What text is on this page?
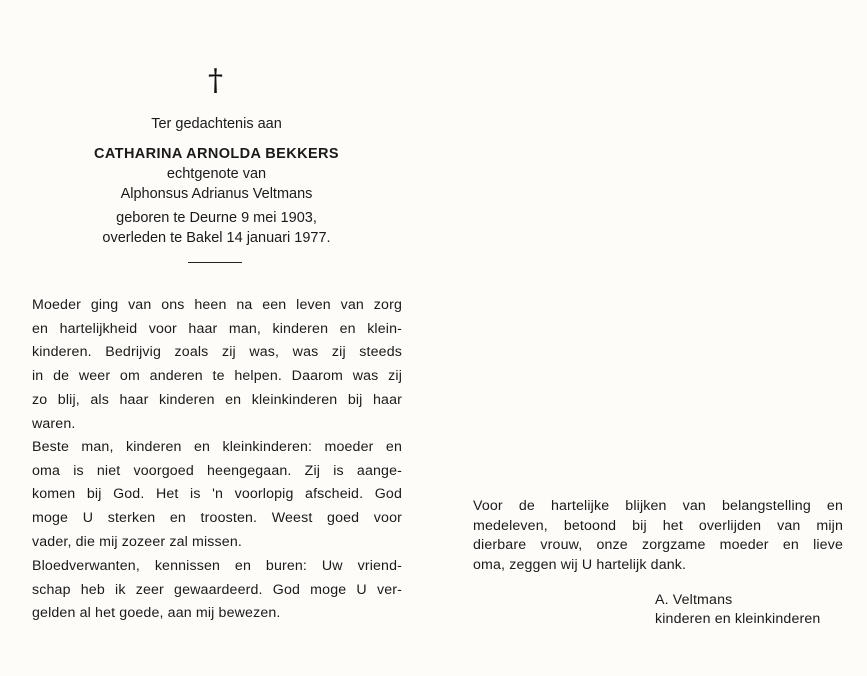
†
Ter gedachtenis aan
CATHARINA ARNOLDA BEKKERS
echtgenote van
Alphonsus Adrianus Veltmans
geboren te Deurne 9 mei 1903,
overleden te Bakel 14 januari 1977.
Moeder ging van ons heen na een leven van zorg
en hartelijkheid voor haar man, kinderen en klein-
kinderen. Bedrijvig zoals zij was, was zij steeds
in de weer om anderen te helpen. Daarom was zij
zo blij, als haar kinderen en kleinkinderen bij haar
waren.
Beste man, kinderen en kleinkinderen: moeder en
oma is niet voorgoed heengegaan. Zij is aange-
komen bij God. Het is 'n voorlopig afscheid. God
moge U sterken en troosten. Weest goed voor
vader, die mij zozeer zal missen.
Bloedverwanten, kennissen en buren: Uw vriend-
schap heb ik zeer gewaardeerd. God moge U ver-
gelden al het goede, aan mij bewezen.
Voor de hartelijke blijken van belangstelling en
medeleven, betoond bij het overlijden van mijn
dierbare vrouw, onze zorgzame moeder en lieve
oma, zeggen wij U hartelijk dank.
A. Veltmans
kinderen en kleinkinderen
